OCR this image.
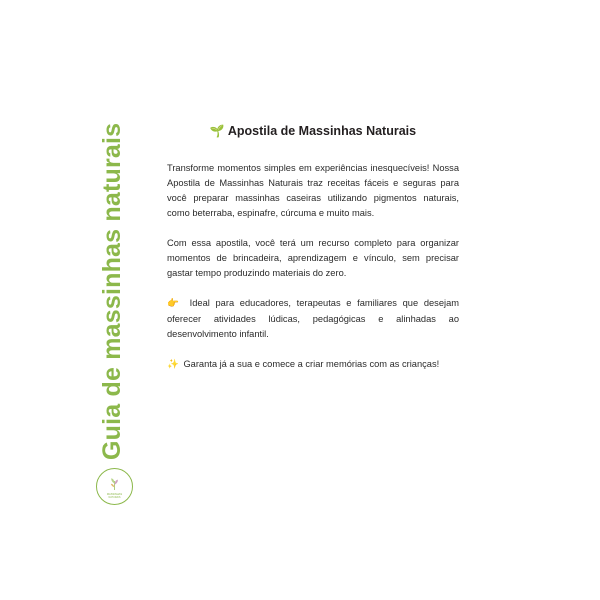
Guia de massinhas naturais
MASSINHAS
NATURAIS
🌱 Apostila de Massinhas Naturais

Transforme momentos simples em experiências inesquecíveis! Nossa Apostila de Massinhas Naturais traz receitas fáceis e seguras para você preparar massinhas caseiras utilizando pigmentos naturais, como beterraba, espinafre, cúrcuma e muito mais.

Com essa apostila, você terá um recurso completo para organizar momentos de brincadeira, aprendizagem e vínculo, sem precisar gastar tempo produzindo materiais do zero.

👉 Ideal para educadores, terapeutas e familiares que desejam oferecer atividades lúdicas, pedagógicas e alinhadas ao desenvolvimento infantil.

✨ Garanta já a sua e comece a criar memórias com as crianças!
